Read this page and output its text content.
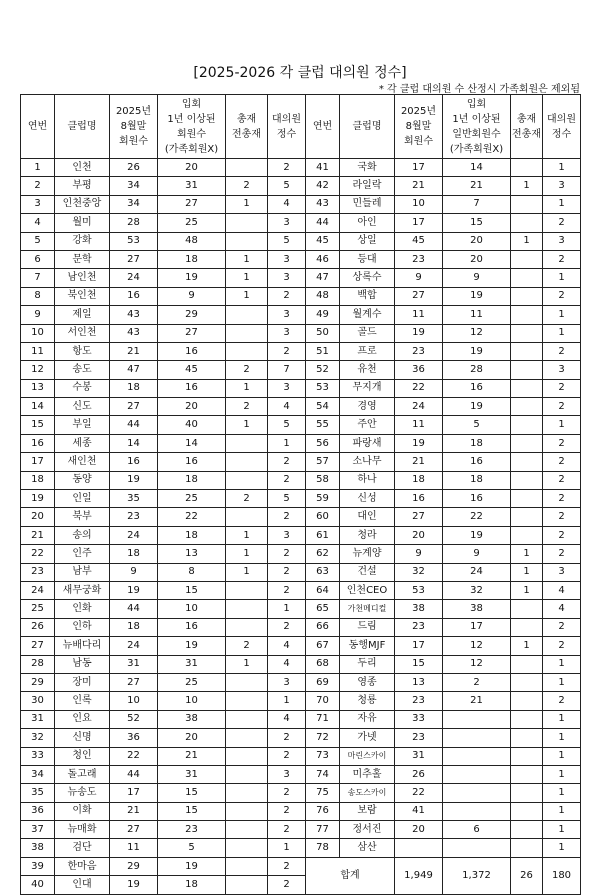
[2025-2026 각 클럽 대의원 정수]
* 각 클럽 대의원 수 산정시 가족회원은 제외됨
연번	클럽명	2025년
8월말
회원수	입회
1년 이상된
회원수
(가족회원X)	총재
전총재	대의원
정수	연번	클럽명	2025년
8월말
회원수	입회
1년 이상된
일반회원수
(가족회원X)	총재
전총재	대의원
정수
1	인천	26	20		2	41	국화	17	14		1
2	부평	34	31	2	5	42	라일락	21	21	1	3
3	인천중앙	34	27	1	4	43	민들레	10	7		1
4	월미	28	25		3	44	아인	17	15		2
5	강화	53	48		5	45	상일	45	20	1	3
6	문학	27	18	1	3	46	등대	23	20		2
7	남인천	24	19	1	3	47	상록수	9	9		1
8	북인천	16	9	1	2	48	백합	27	19		2
9	제일	43	29		3	49	월계수	11	11		1
10	서인천	43	27		3	50	골드	19	12		1
11	항도	21	16		2	51	프로	23	19		2
12	송도	47	45	2	7	52	유천	36	28		3
13	수봉	18	16	1	3	53	무지개	22	16		2
14	신도	27	20	2	4	54	경영	24	19		2
15	부일	44	40	1	5	55	주안	11	5		1
16	세종	14	14		1	56	파랑새	19	18		2
17	새인천	16	16		2	57	소나무	21	16		2
18	동양	19	18		2	58	하나	18	18		2
19	인일	35	25	2	5	59	신성	16	16		2
20	북부	23	22		2	60	대인	27	22		2
21	송의	24	18	1	3	61	청라	20	19		2
22	인주	18	13	1	2	62	뉴계양	9	9	1	2
23	남부	9	8	1	2	63	건설	32	24	1	3
24	새무궁화	19	15		2	64	인천CEO	53	32	1	4
25	인화	44	10		1	65	가천메디컬	38	38		4
26	인하	18	16		2	66	드림	23	17		2
27	뉴배다리	24	19	2	4	67	동행MJF	17	12	1	2
28	남동	31	31	1	4	68	두리	15	12		1
29	장미	27	25		3	69	영종	13	2		1
30	인록	10	10		1	70	청룡	23	21		2
31	인요	52	38		4	71	자유	33			1
32	신명	36	20		2	72	가넷	23			1
33	청인	22	21		2	73	마린스카이	31			1
34	돌고래	44	31		3	74	미추홀	26			1
35	뉴송도	17	15		2	75	송도스카이	22			1
36	이화	21	15		2	76	보람	41			1
37	뉴매화	27	23		2	77	정서진	20	6		1
38	검단	11	5		1	78	삼산				1
39	한마음	29	19		2	합계		1,949	1,372	26	180
40	인대	19	18		2						
